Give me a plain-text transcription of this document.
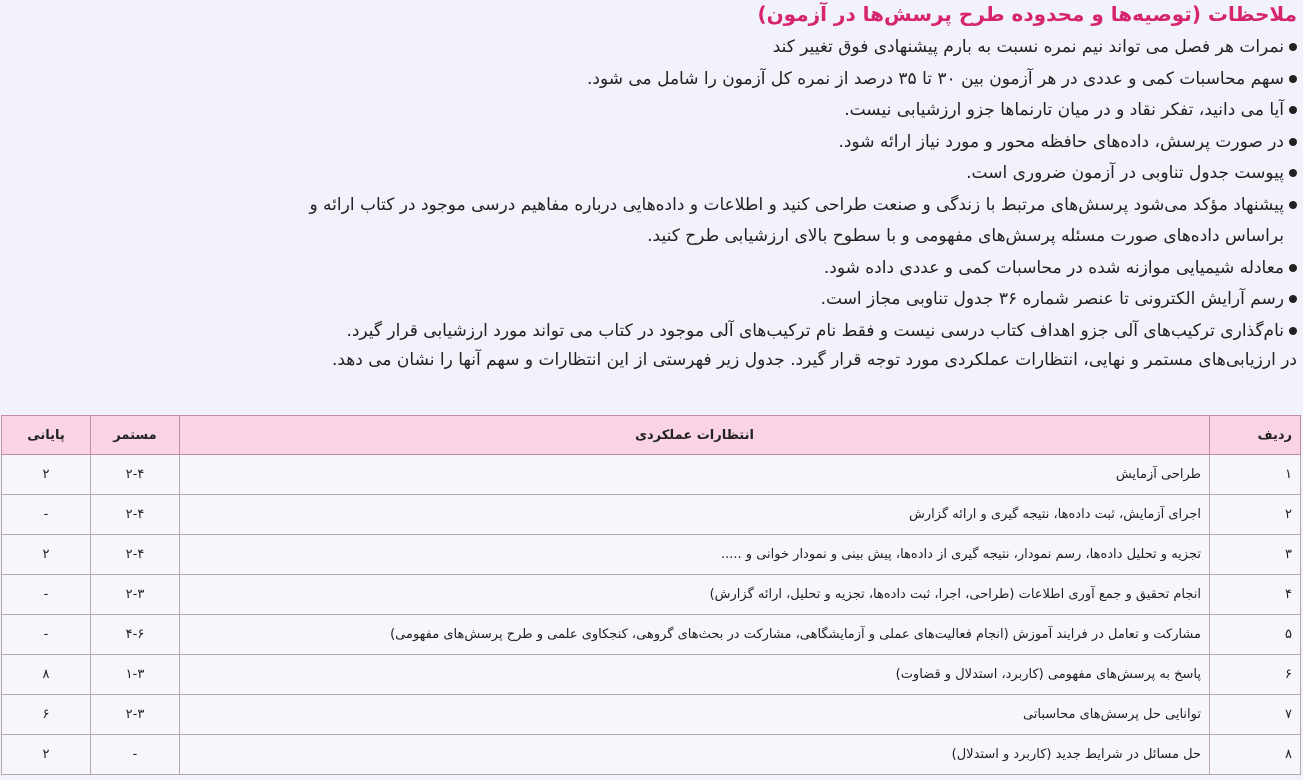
ملاحظات (توصیه‌ها و محدوده طرح پرسش‌ها در آزمون)
نمرات هر فصل می تواند نیم نمره نسبت به بارم پیشنهادی فوق تغییر کند
سهم محاسبات کمی و عددی در هر آزمون بین ۳۰ تا ۳۵ درصد از نمره کل آزمون را شامل می شود.
آیا می دانید، تفکر نقاد و در میان تارنماها جزو ارزشیابی نیست.
در صورت پرسش، داده‌های حافظه محور و مورد نیاز ارائه شود.
پیوست جدول تناوبی در آزمون ضروری است.
پیشنهاد مؤکد می‌شود پرسش‌های مرتبط با زندگی و صنعت طراحی کنید و اطلاعات و داده‌هایی درباره مفاهیم درسی موجود در کتاب ارائه و
براساس داده‌های صورت مسئله پرسش‌های مفهومی و با سطوح بالای ارزشیابی طرح کنید.
معادله شیمیایی موازنه شده در محاسبات کمی و عددی داده شود.
رسم آرایش الکترونی تا عنصر شماره ۳۶ جدول تناوبی مجاز است.
نام‌گذاری ترکیب‌های آلی جزو اهداف کتاب درسی نیست و فقط نام ترکیب‌های آلی موجود در کتاب می تواند مورد ارزشیابی قرار گیرد.
در ارزیابی‌های مستمر و نهایی، انتظارات عملکردی مورد توجه قرار گیرد. جدول زیر فهرستی از این انتظارات و سهم آنها را نشان می دهد.
ردیف	انتظارات عملکردی	مستمر	پایانی
۱	طراحی آزمایش	۲-۴	۲
۲	اجرای آزمایش، ثبت داده‌ها، نتیجه گیری و ارائه گزارش	۲-۴	-
۳	تجزیه و تحلیل داده‌ها، رسم نمودار، نتیجه گیری از داده‌ها، پیش بینی و نمودار خوانی و .....	۲-۴	۲
۴	انجام تحقیق و جمع آوری اطلاعات (طراحی، اجرا، ثبت داده‌ها، تجزیه و تحلیل، ارائه گزارش)	۲-۳	-
۵	مشارکت و تعامل در فرایند آموزش (انجام فعالیت‌های عملی و آزمایشگاهی، مشارکت در بحث‌های گروهی، کنجکاوی علمی و طرح پرسش‌های مفهومی)	۴-۶	-
۶	پاسخ به پرسش‌های مفهومی (کاربرد، استدلال و قضاوت)	۱-۳	۸
۷	توانایی حل پرسش‌های محاسباتی	۲-۳	۶
۸	حل مسائل در شرایط جدید (کاربرد و استدلال)	-	۲
